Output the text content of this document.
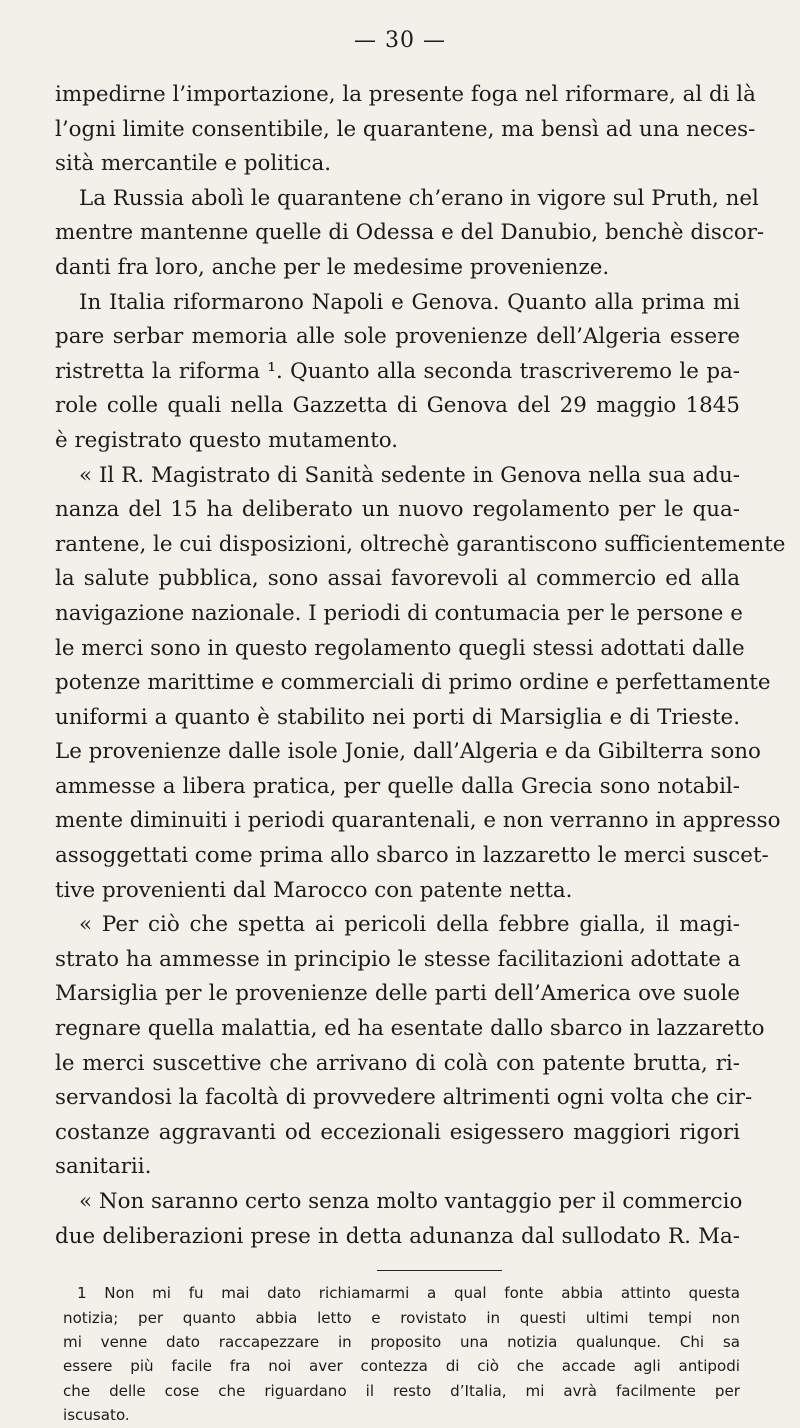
— 30 —
impedirne l’importazione, la presente foga nel riformare, al di là
l’ogni limite consentibile, le quarantene, ma bensì ad una neces-
sità mercantile e politica.
La Russia abolì le quarantene ch’erano in vigore sul Pruth, nel
mentre mantenne quelle di Odessa e del Danubio, benchè discor-
danti fra loro, anche per le medesime provenienze.
In Italia riformarono Napoli e Genova. Quanto alla prima mi
pare serbar memoria alle sole provenienze dell’Algeria essere
ristretta la riforma ¹. Quanto alla seconda trascriveremo le pa-
role colle quali nella Gazzetta di Genova del 29 maggio 1845
è registrato questo mutamento.
« Il R. Magistrato di Sanità sedente in Genova nella sua adu-
nanza del 15 ha deliberato un nuovo regolamento per le qua-
rantene, le cui disposizioni, oltrechè garantiscono sufficientemente
la salute pubblica, sono assai favorevoli al commercio ed alla
navigazione nazionale. I periodi di contumacia per le persone e
le merci sono in questo regolamento quegli stessi adottati dalle
potenze marittime e commerciali di primo ordine e perfettamente
uniformi a quanto è stabilito nei porti di Marsiglia e di Trieste.
Le provenienze dalle isole Jonie, dall’Algeria e da Gibilterra sono
ammesse a libera pratica, per quelle dalla Grecia sono notabil-
mente diminuiti i periodi quarantenali, e non verranno in appresso
assoggettati come prima allo sbarco in lazzaretto le merci suscet-
tive provenienti dal Marocco con patente netta.
« Per ciò che spetta ai pericoli della febbre gialla, il magi-
strato ha ammesse in principio le stesse facilitazioni adottate a
Marsiglia per le provenienze delle parti dell’America ove suole
regnare quella malattia, ed ha esentate dallo sbarco in lazzaretto
le merci suscettive che arrivano di colà con patente brutta, ri-
servandosi la facoltà di provvedere altrimenti ogni volta che cir-
costanze aggravanti od eccezionali esigessero maggiori rigori
sanitarii.
« Non saranno certo senza molto vantaggio per il commercio
due deliberazioni prese in detta adunanza dal sullodato R. Ma-
1 Non mi fu mai dato richiamarmi a qual fonte abbia attinto questa
notizia; per quanto abbia letto e rovistato in questi ultimi tempi non
mi venne dato raccapezzare in proposito una notizia qualunque. Chi sa
essere più facile fra noi aver contezza di ciò che accade agli antipodi
che delle cose che riguardano il resto d’Italia, mi avrà facilmente per
iscusato.
